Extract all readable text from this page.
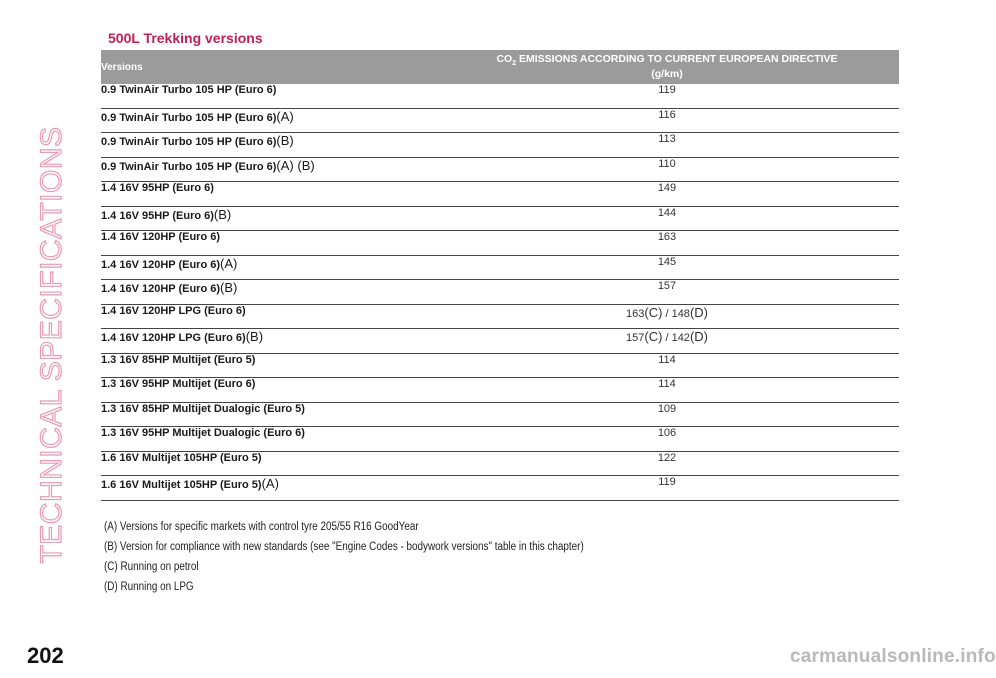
TECHNICAL SPECIFICATIONS
500L Trekking versions
Versions		$CO_2$ EMISSIONS ACCORDING TO CURRENT EUROPEAN DIRECTIVE
(g/km)
0.9 TwinAir Turbo 105 HP (Euro 6)		119
0.9 TwinAir Turbo 105 HP (Euro 6)(A)		116
0.9 TwinAir Turbo 105 HP (Euro 6)(B)		113
0.9 TwinAir Turbo 105 HP (Euro 6)(A) (B)		110
1.4 16V 95HP (Euro 6)		149
1.4 16V 95HP (Euro 6)(B)		144
1.4 16V 120HP (Euro 6)		163
1.4 16V 120HP (Euro 6)(A)		145
1.4 16V 120HP (Euro 6)(B)		157
1.4 16V 120HP LPG (Euro 6)		163(C) / 148(D)
1.4 16V 120HP LPG (Euro 6)(B)		157(C) / 142(D)
1.3 16V 85HP Multijet (Euro 5)		114
1.3 16V 95HP Multijet (Euro 6)		114
1.3 16V 85HP Multijet Dualogic (Euro 5)		109
1.3 16V 95HP Multijet Dualogic (Euro 6)		106
1.6 16V Multijet 105HP (Euro 5)		122
1.6 16V Multijet 105HP (Euro 5)(A)		119
(A) Versions for specific markets with control tyre 205/55 R16 GoodYear
(B) Version for compliance with new standards (see "Engine Codes - bodywork versions" table in this chapter)
(C) Running on petrol
(D) Running on LPG
202	carmanualsonline.info
